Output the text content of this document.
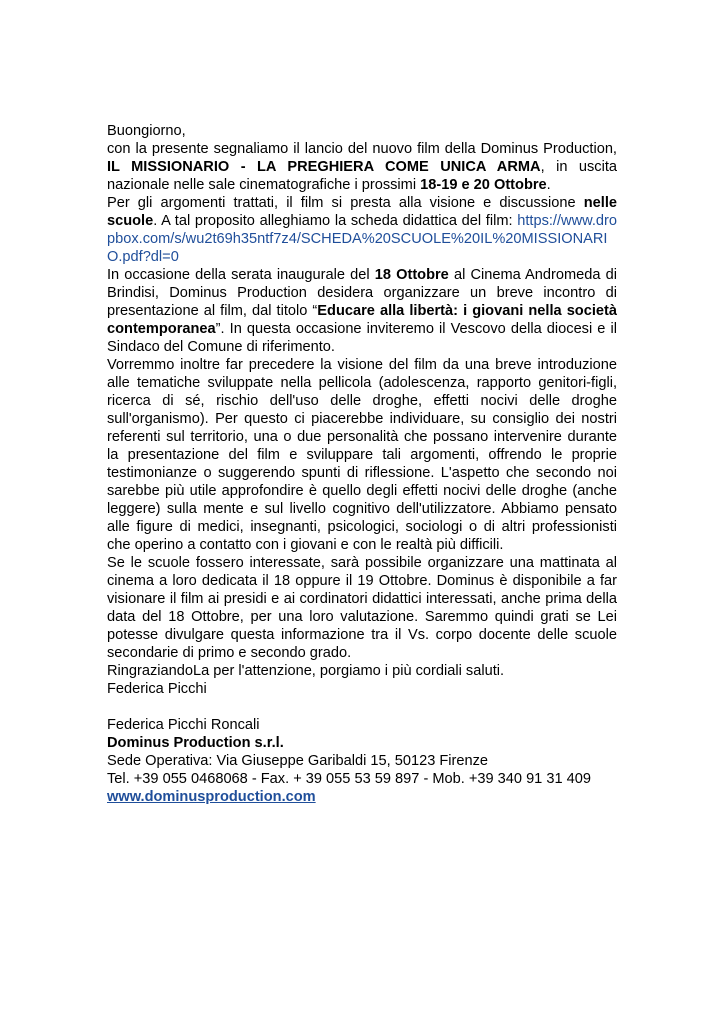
Buongiorno,

con la presente segnaliamo il lancio del nuovo film della Dominus Production, IL MISSIONARIO - LA PREGHIERA COME UNICA ARMA, in uscita nazionale nelle sale cinematografiche i prossimi 18-19 e 20 Ottobre.

Per gli argomenti trattati, il film si presta alla visione e discussione nelle scuole. A tal proposito alleghiamo la scheda didattica del film: https://www.dropbox.com/s/wu2t69h35ntf7z4/SCHEDA%20SCUOLE%20IL%20MISSIONARIO.pdf?dl=0

In occasione della serata inaugurale del 18 Ottobre al Cinema Andromeda di Brindisi, Dominus Production desidera organizzare un breve incontro di presentazione al film, dal titolo “Educare alla libertà: i giovani nella società contemporanea”. In questa occasione inviteremo il Vescovo della diocesi e il Sindaco del Comune di riferimento.

Vorremmo inoltre far precedere la visione del film da una breve introduzione alle tematiche sviluppate nella pellicola (adolescenza, rapporto genitori-figli, ricerca di sé, rischio dell'uso delle droghe, effetti nocivi delle droghe sull'organismo). Per questo ci piacerebbe individuare, su consiglio dei nostri referenti sul territorio, una o due personalità che possano intervenire durante la presentazione del film e sviluppare tali argomenti, offrendo le proprie testimonianze o suggerendo spunti di riflessione. L'aspetto che secondo noi sarebbe più utile approfondire è quello degli effetti nocivi delle droghe (anche leggere) sulla mente e sul livello cognitivo dell'utilizzatore. Abbiamo pensato alle figure di medici, insegnanti, psicologici, sociologi o di altri professionisti che operino a contatto con i giovani e con le realtà più difficili.

Se le scuole fossero interessate, sarà possibile organizzare una mattinata al cinema a loro dedicata il 18 oppure il 19 Ottobre. Dominus è disponibile a far visionare il film ai presidi e ai cordinatori didattici interessati, anche prima della data del 18 Ottobre, per una loro valutazione. Saremmo quindi grati se Lei potesse divulgare questa informazione tra il Vs. corpo docente delle scuole secondarie di primo e secondo grado.

RingraziandoLa per l'attenzione, porgiamo i più cordiali saluti.

Federica Picchi

Federica Picchi Roncali

Dominus Production s.r.l.

Sede Operativa: Via Giuseppe Garibaldi 15, 50123 Firenze

Tel. +39 055 0468068 - Fax. + 39 055 53 59 897 - Mob. +39 340 91 31 409

www.dominusproduction.com
